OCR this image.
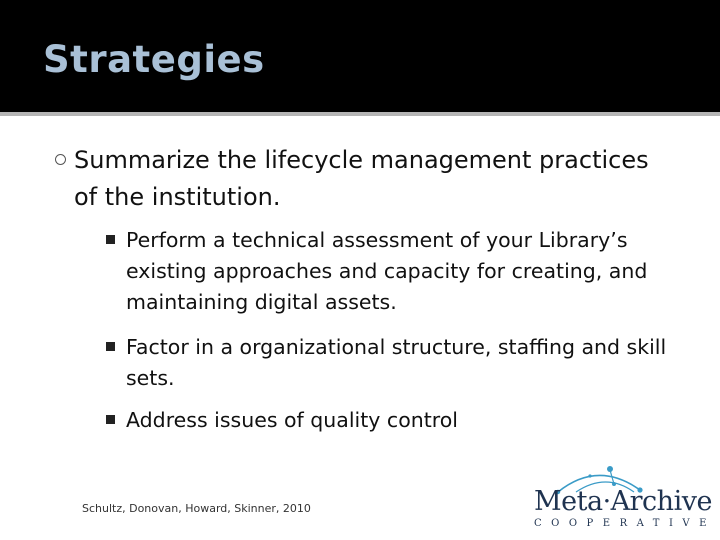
Strategies
Summarize the lifecycle management practices of the institution.
Perform a technical assessment of your Library’s existing approaches and capacity for creating, and maintaining digital assets.
Factor in a organizational structure, staffing and skill sets.
Address issues of quality control
Schultz, Donovan, Howard, Skinner, 2010	Meta·Archive
COOPERATIVE
